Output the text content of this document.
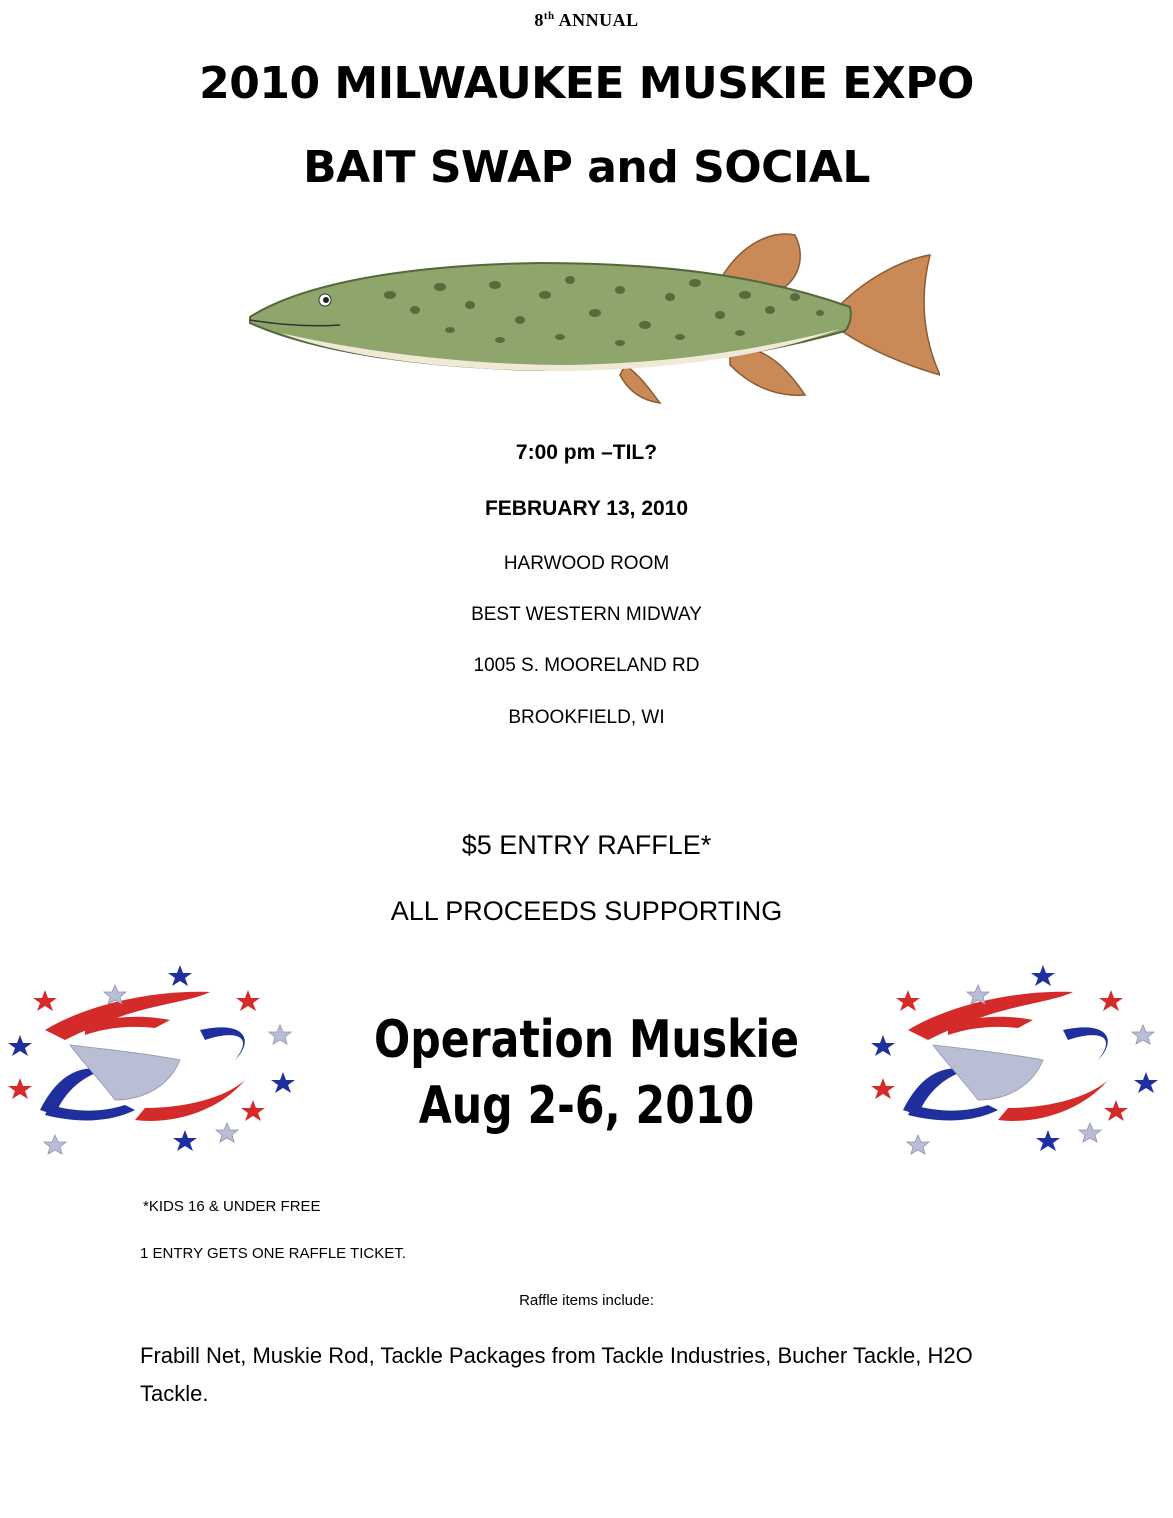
8th ANNUAL
2010 MILWAUKEE MUSKIE EXPO
BAIT SWAP and SOCIAL
7:00 pm –TIL?
FEBRUARY 13, 2010
HARWOOD ROOM
BEST WESTERN MIDWAY
1005 S. MOORELAND RD
BROOKFIELD, WI
$5 ENTRY RAFFLE*
ALL PROCEEDS SUPPORTING
Operation Muskie
Aug 2-6, 2010
*KIDS 16 & UNDER FREE
1 ENTRY GETS ONE RAFFLE TICKET.
Raffle items include:
Frabill Net, Muskie Rod, Tackle Packages from Tackle Industries, Bucher Tackle, H2O Tackle.
